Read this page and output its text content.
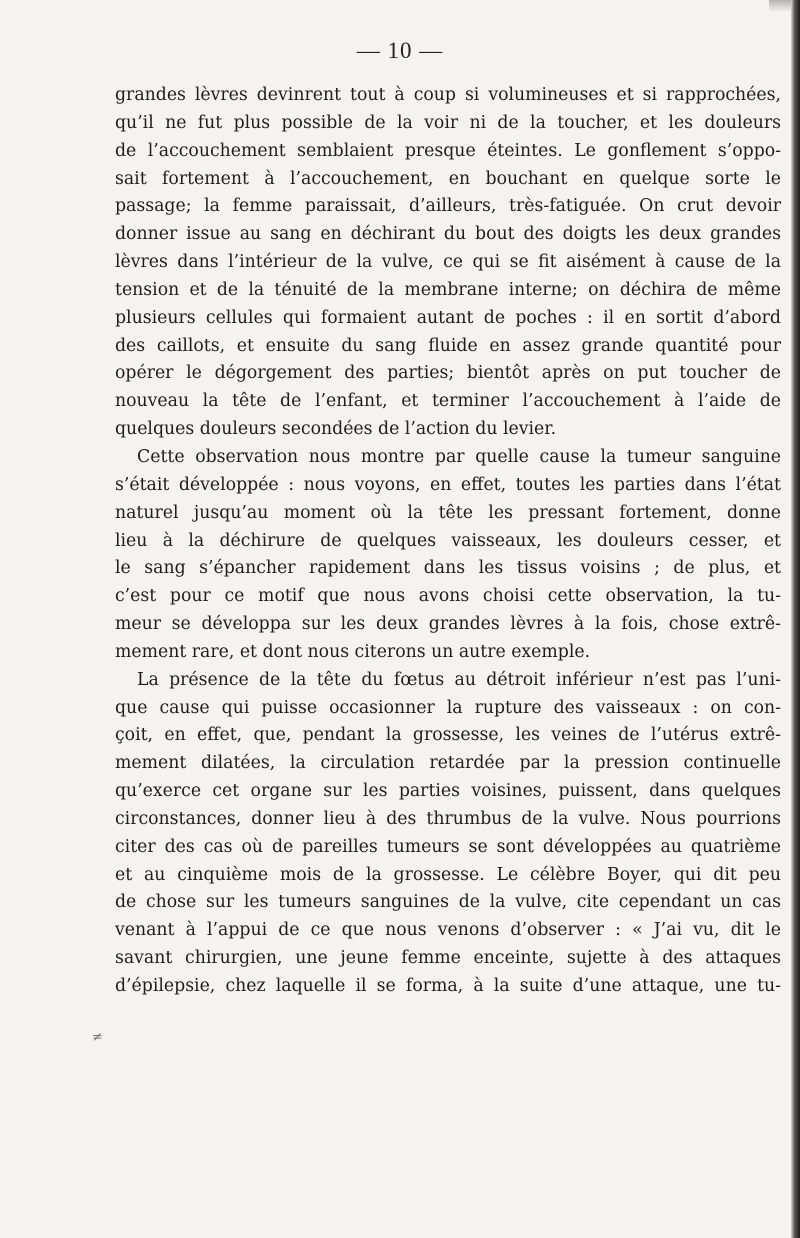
— 10 —
grandes lèvres devinrent tout à coup si volumineuses et si rapprochées,
qu’il ne fut plus possible de la voir ni de la toucher, et les douleurs
de l’accouchement semblaient presque éteintes. Le gonflement s’oppo-
sait fortement à l’accouchement, en bouchant en quelque sorte le
passage; la femme paraissait, d’ailleurs, très-fatiguée. On crut devoir
donner issue au sang en déchirant du bout des doigts les deux grandes
lèvres dans l’intérieur de la vulve, ce qui se fit aisément à cause de la
tension et de la ténuité de la membrane interne; on déchira de même
plusieurs cellules qui formaient autant de poches : il en sortit d’abord
des caillots, et ensuite du sang fluide en assez grande quantité pour
opérer le dégorgement des parties; bientôt après on put toucher de
nouveau la tête de l’enfant, et terminer l’accouchement à l’aide de
quelques douleurs secondées de l’action du levier.
Cette observation nous montre par quelle cause la tumeur sanguine
s’était développée : nous voyons, en effet, toutes les parties dans l’état
naturel jusqu’au moment où la tête les pressant fortement, donne
lieu à la déchirure de quelques vaisseaux, les douleurs cesser, et
le sang s’épancher rapidement dans les tissus voisins ; de plus, et
c’est pour ce motif que nous avons choisi cette observation, la tu-
meur se développa sur les deux grandes lèvres à la fois, chose extrê-
mement rare, et dont nous citerons un autre exemple.
La présence de la tête du fœtus au détroit inférieur n’est pas l’uni-
que cause qui puisse occasionner la rupture des vaisseaux : on con-
çoit, en effet, que, pendant la grossesse, les veines de l’utérus extrê-
mement dilatées, la circulation retardée par la pression continuelle
qu’exerce cet organe sur les parties voisines, puissent, dans quelques
circonstances, donner lieu à des thrumbus de la vulve. Nous pourrions
citer des cas où de pareilles tumeurs se sont développées au quatrième
et au cinquième mois de la grossesse. Le célèbre Boyer, qui dit peu
de chose sur les tumeurs sanguines de la vulve, cite cependant un cas
venant à l’appui de ce que nous venons d’observer : « J’ai vu, dit le
savant chirurgien, une jeune femme enceinte, sujette à des attaques
d’épilepsie, chez laquelle il se forma, à la suite d’une attaque, une tu-
≠
